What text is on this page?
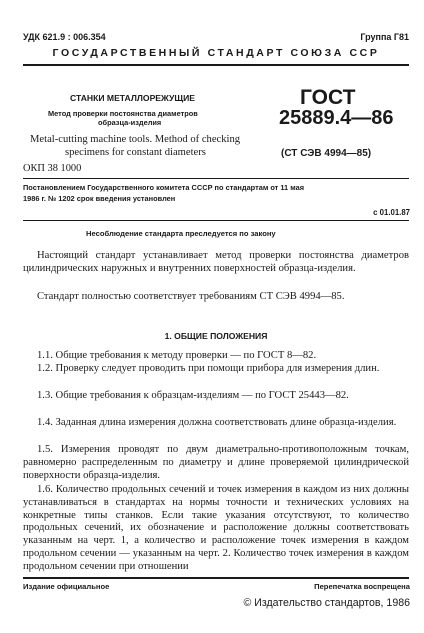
УДК 621.9 : 006.354	Группа Г81
ГОСУДАРСТВЕННЫЙ СТАНДАРТ СОЮЗА ССР
СТАНКИ МЕТАЛЛОРЕЖУЩИЕ
Метод проверки постоянства диаметров
образца-изделия
Metal-cutting machine tools. Method of checking
specimens for constant diameters
ОКП 38 1000
ГОСТ
25889.4—86
(СТ СЭВ 4994—85)
Постановлением Государственного комитета СССР по стандартам от 11 мая
1986 г. № 1202 срок введения установлен
с 01.01.87
Несоблюдение стандарта преследуется по закону
Настоящий стандарт устанавливает метод проверки постоянства диаметров цилиндрических наружных и внутренних поверхностей образца-изделия.
Стандарт полностью соответствует требованиям СТ СЭВ 4994—85.
1. ОБЩИЕ ПОЛОЖЕНИЯ
1.1. Общие требования к методу проверки — по ГОСТ 8—82.
1.2. Проверку следует проводить при помощи прибора для измерения длин.
1.3. Общие требования к образцам-изделиям — по ГОСТ 25443—82.
1.4. Заданная длина измерения должна соответствовать длине образца-изделия.
1.5. Измерения проводят по двум диаметрально-противоположным точкам, равномерно распределенным по диаметру и длине проверяемой цилиндрической поверхности образца-изделия.
1.6. Количество продольных сечений и точек измерения в каждом из них должны устанавливаться в стандартах на нормы точности и технических условиях на конкретные типы станков. Если такие указания отсутствуют, то количество продольных сечений, их обозначение и расположение должны соответствовать указанным на черт. 1, а количество и расположение точек измерения в каждом продольном сечении — указанным на черт. 2. Количество точек измерения в каждом продольном сечении при отношении
Издание официальное	Перепечатка воспрещена
© Издательство стандартов, 1986
